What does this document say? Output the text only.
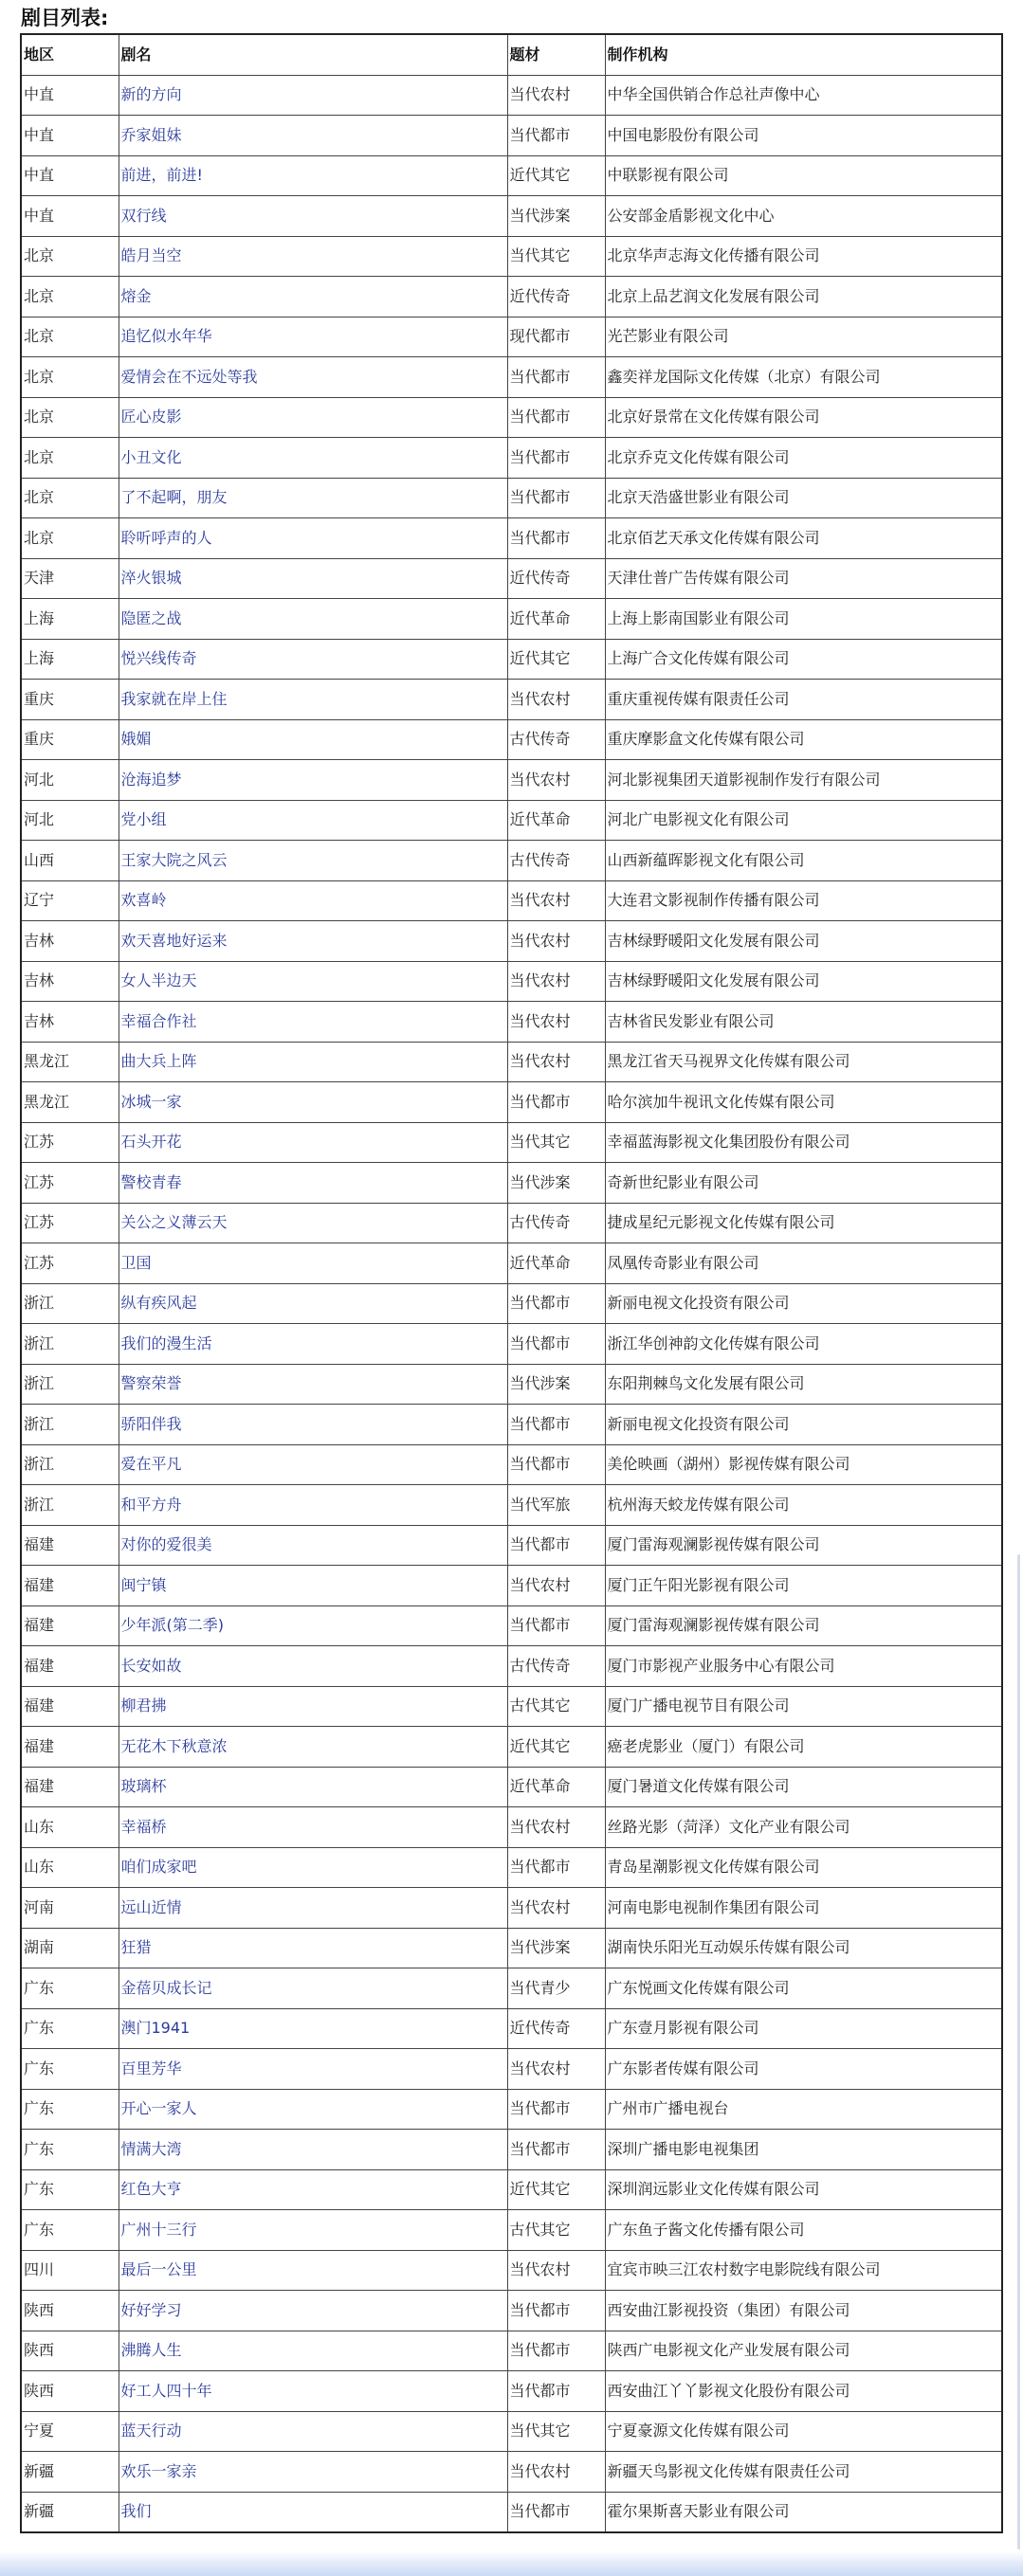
剧目列表:
地区	剧名	题材	制作机构
中直	新的方向	当代农村	中华全国供销合作总社声像中心
中直	乔家姐妹	当代都市	中国电影股份有限公司
中直	前进，前进!	近代其它	中联影视有限公司
中直	双行线	当代涉案	公安部金盾影视文化中心
北京	皓月当空	当代其它	北京华声志海文化传播有限公司
北京	熔金	近代传奇	北京上品艺润文化发展有限公司
北京	追忆似水年华	现代都市	光芒影业有限公司
北京	爱情会在不远处等我	当代都市	鑫奕祥龙国际文化传媒（北京）有限公司
北京	匠心皮影	当代都市	北京好景常在文化传媒有限公司
北京	小丑文化	当代都市	北京乔克文化传媒有限公司
北京	了不起啊，朋友	当代都市	北京天浩盛世影业有限公司
北京	聆听呼声的人	当代都市	北京佰艺天承文化传媒有限公司
天津	淬火银城	近代传奇	天津仕普广告传媒有限公司
上海	隐匿之战	近代革命	上海上影南国影业有限公司
上海	悦兴线传奇	近代其它	上海广合文化传媒有限公司
重庆	我家就在岸上住	当代农村	重庆重视传媒有限责任公司
重庆	娥媚	古代传奇	重庆摩影盒文化传媒有限公司
河北	沧海追梦	当代农村	河北影视集团天道影视制作发行有限公司
河北	党小组	近代革命	河北广电影视文化有限公司
山西	王家大院之风云	古代传奇	山西新蕴晖影视文化有限公司
辽宁	欢喜岭	当代农村	大连君文影视制作传播有限公司
吉林	欢天喜地好运来	当代农村	吉林绿野暖阳文化发展有限公司
吉林	女人半边天	当代农村	吉林绿野暖阳文化发展有限公司
吉林	幸福合作社	当代农村	吉林省民发影业有限公司
黑龙江	曲大兵上阵	当代农村	黑龙江省天马视界文化传媒有限公司
黑龙江	冰城一家	当代都市	哈尔滨加牛视讯文化传媒有限公司
江苏	石头开花	当代其它	幸福蓝海影视文化集团股份有限公司
江苏	警校青春	当代涉案	奇新世纪影业有限公司
江苏	关公之义薄云天	古代传奇	捷成星纪元影视文化传媒有限公司
江苏	卫国	近代革命	凤凰传奇影业有限公司
浙江	纵有疾风起	当代都市	新丽电视文化投资有限公司
浙江	我们的漫生活	当代都市	浙江华创神韵文化传媒有限公司
浙江	警察荣誉	当代涉案	东阳荆棘鸟文化发展有限公司
浙江	骄阳伴我	当代都市	新丽电视文化投资有限公司
浙江	爱在平凡	当代都市	美伦映画（湖州）影视传媒有限公司
浙江	和平方舟	当代军旅	杭州海天蛟龙传媒有限公司
福建	对你的爱很美	当代都市	厦门雷海观澜影视传媒有限公司
福建	闽宁镇	当代农村	厦门正午阳光影视有限公司
福建	少年派(第二季)	当代都市	厦门雷海观澜影视传媒有限公司
福建	长安如故	古代传奇	厦门市影视产业服务中心有限公司
福建	柳君拂	古代其它	厦门广播电视节目有限公司
福建	无花木下秋意浓	近代其它	癌老虎影业（厦门）有限公司
福建	玻璃杯	近代革命	厦门暑道文化传媒有限公司
山东	幸福桥	当代农村	丝路光影（菏泽）文化产业有限公司
山东	咱们成家吧	当代都市	青岛星潮影视文化传媒有限公司
河南	远山近情	当代农村	河南电影电视制作集团有限公司
湖南	狂猎	当代涉案	湖南快乐阳光互动娱乐传媒有限公司
广东	金蓓贝成长记	当代青少	广东悦画文化传媒有限公司
广东	澳门1941	近代传奇	广东壹月影视有限公司
广东	百里芳华	当代农村	广东影者传媒有限公司
广东	开心一家人	当代都市	广州市广播电视台
广东	情满大湾	当代都市	深圳广播电影电视集团
广东	红色大亨	近代其它	深圳润远影业文化传媒有限公司
广东	广州十三行	古代其它	广东鱼子酱文化传播有限公司
四川	最后一公里	当代农村	宜宾市映三江农村数字电影院线有限公司
陕西	好好学习	当代都市	西安曲江影视投资（集团）有限公司
陕西	沸腾人生	当代都市	陕西广电影视文化产业发展有限公司
陕西	好工人四十年	当代都市	西安曲江丫丫影视文化股份有限公司
宁夏	蓝天行动	当代其它	宁夏豪源文化传媒有限公司
新疆	欢乐一家亲	当代农村	新疆天鸟影视文化传媒有限责任公司
新疆	我们	当代都市	霍尔果斯喜天影业有限公司
